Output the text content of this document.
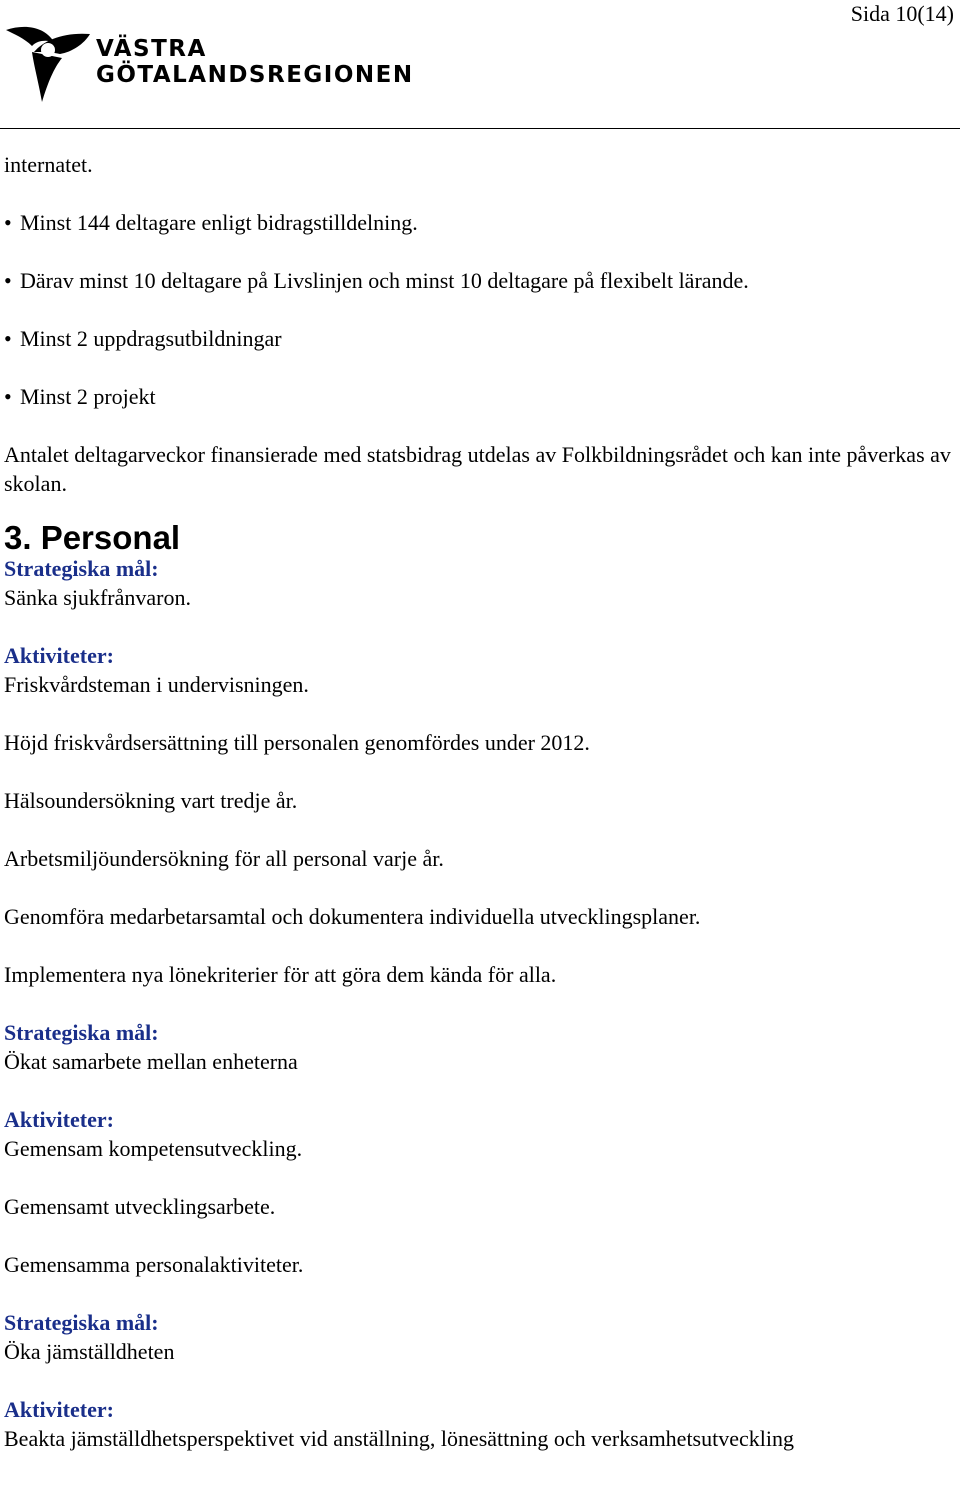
Sida 10(14)
VÄSTRA
GÖTALANDSREGIONEN

internatet.

• Minst 144 deltagare enligt bidragstilldelning.

• Därav minst 10 deltagare på Livslinjen och minst 10 deltagare på flexibelt lärande.

• Minst 2 uppdragsutbildningar

• Minst 2 projekt

Antalet deltagarveckor finansierade med statsbidrag utdelas av Folkbildningsrådet och kan inte påverkas av skolan.

3. Personal

Strategiska mål:

Sänka sjukfrånvaron.

Aktiviteter:

Friskvårdsteman i undervisningen.

Höjd friskvårdsersättning till personalen genomfördes under 2012.

Hälsoundersökning vart tredje år.

Arbetsmiljöundersökning för all personal varje år.

Genomföra medarbetarsamtal och dokumentera individuella utvecklingsplaner.

Implementera nya lönekriterier för att göra dem kända för alla.

Strategiska mål:

Ökat samarbete mellan enheterna

Aktiviteter:

Gemensam kompetensutveckling.

Gemensamt utvecklingsarbete.

Gemensamma personalaktiviteter.

Strategiska mål:

Öka jämställdheten

Aktiviteter:

Beakta jämställdhetsperspektivet vid anställning, lönesättning och verksamhetsutveckling
